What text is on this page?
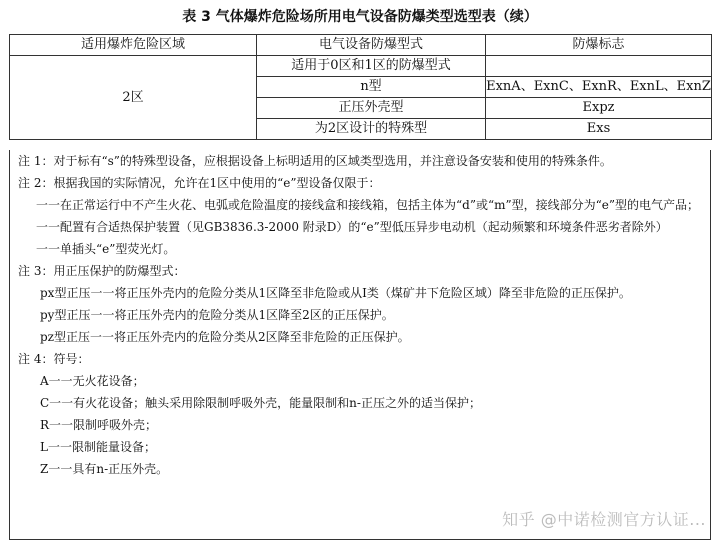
表 3 气体爆炸危险场所用电气设备防爆类型选型表（续）
适用爆炸危险区域	电气设备防爆型式	防爆标志
2区	适用于0区和1区的防爆型式	
	n型	ExnA、ExnC、ExnR、ExnL、ExnZ
	正压外壳型	Expz
	为2区设计的特殊型	Exs
注 1：对于标有“s”的特殊型设备，应根据设备上标明适用的区域类型选用，并注意设备安装和使用的特殊条件。
注 2：根据我国的实际情况，允许在1区中使用的“e”型设备仅限于：
一一在正常运行中不产生火花、电弧或危险温度的接线盒和接线箱，包括主体为“d”或“m”型，接线部分为“e”型的电气产品；
一一配置有合适热保护装置（见GB3836.3-2000 附录D）的“e”型低压异步电动机（起动频繁和环境条件恶劣者除外）
一一单插头“e”型荧光灯。
注 3：用正压保护的防爆型式：
px型正压一一将正压外壳内的危险分类从1区降至非危险或从I类（煤矿井下危险区域）降至非危险的正压保护。
py型正压一一将正压外壳内的危险分类从1区降至2区的正压保护。
pz型正压一一将正压外壳内的危险分类从2区降至非危险的正压保护。
注 4：符号：
A一一无火花设备；
C一一有火花设备；触头采用除限制呼吸外壳，能量限制和n-正压之外的适当保护；
R一一限制呼吸外壳；
L一一限制能量设备；
Z一一具有n-正压外壳。
知乎 @中诺检测官方认证...
